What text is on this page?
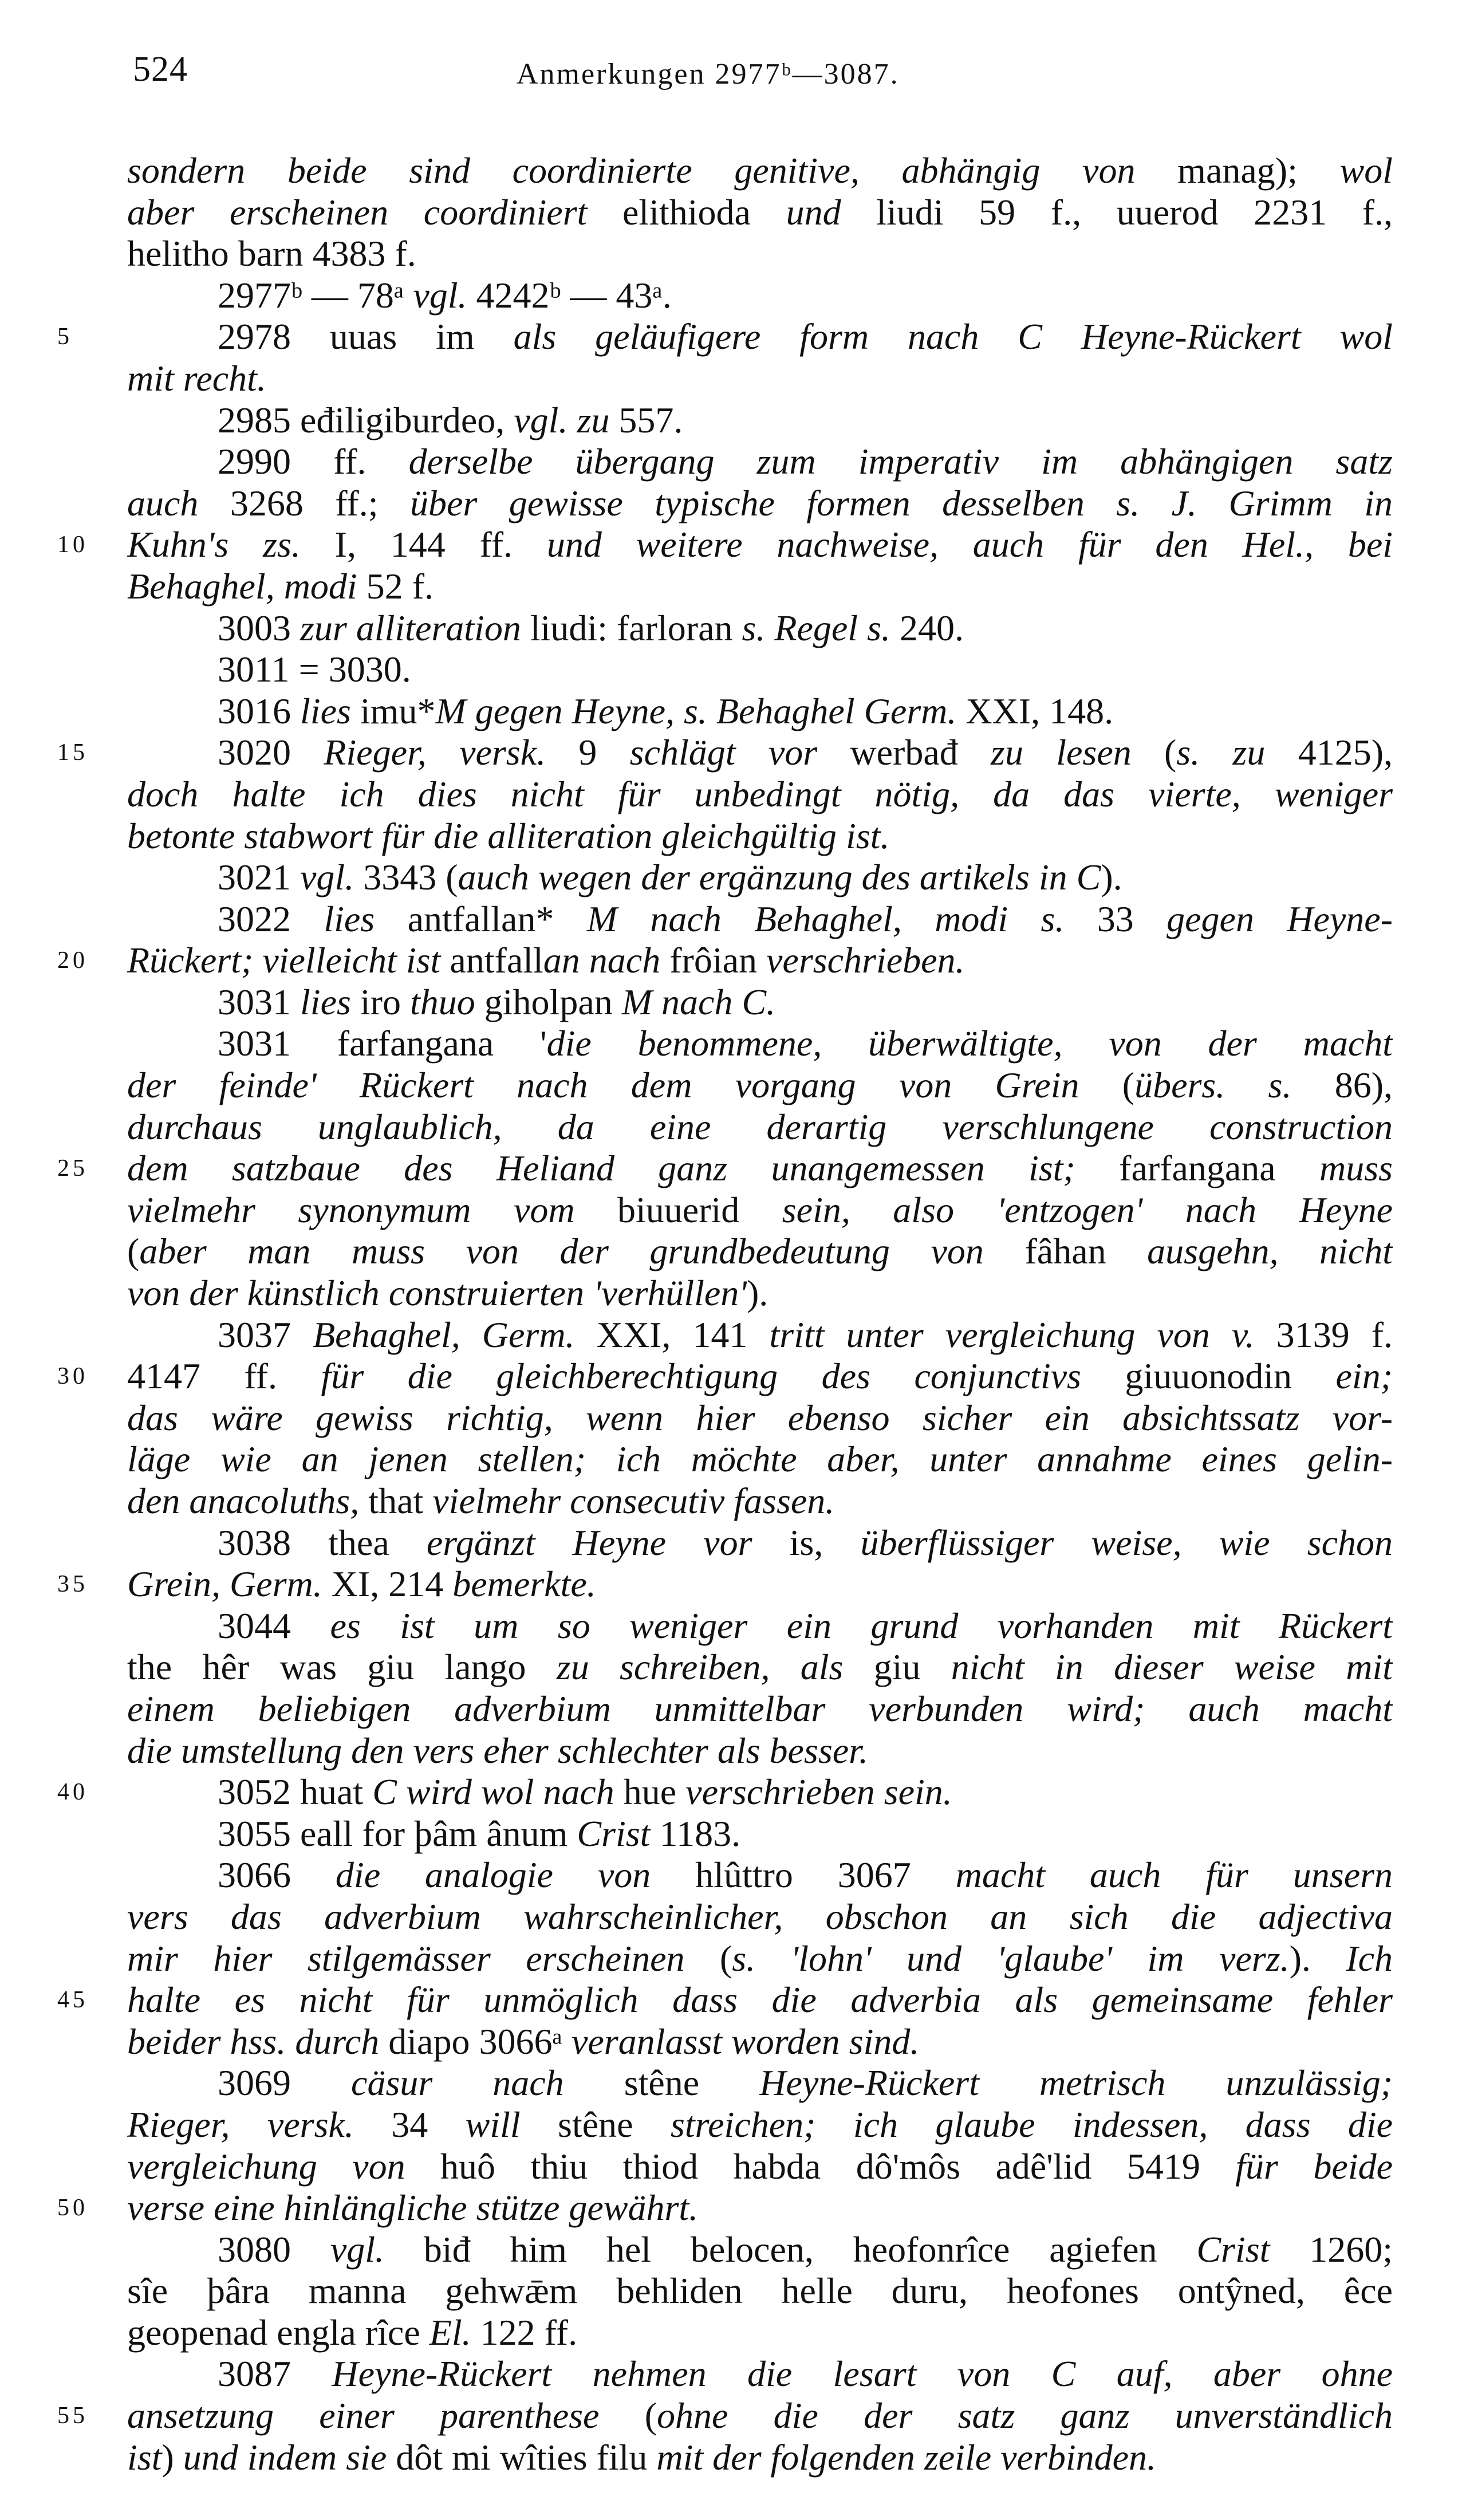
524	Anmerkungen 2977ᵇ—3087.
sondern beide sind coordinierte genitive, abhängig von manag); wol
aber erscheinen coordiniert elithioda und liudi 59 f., uuerod 2231 f.,
helitho barn 4383 f.
2977ᵇ — 78ᵃ vgl. 4242ᵇ — 43ᵃ.
5	2978 uuas im als geläufigere form nach C Heyne-Rückert wol
mit recht.
2985 eđiligiburdeo, vgl. zu 557.
2990 ff. derselbe übergang zum imperativ im abhängigen satz
auch 3268 ff.; über gewisse typische formen desselben s. J. Grimm in
10	Kuhn's zs. I, 144 ff. und weitere nachweise, auch für den Hel., bei
Behaghel, modi 52 f.
3003 zur alliteration liudi: farloran s. Regel s. 240.
3011 = 3030.
3016 lies imu*M gegen Heyne, s. Behaghel Germ. XXI, 148.
15	3020 Rieger, versk. 9 schlägt vor werbađ zu lesen (s. zu 4125),
doch halte ich dies nicht für unbedingt nötig, da das vierte, weniger
betonte stabwort für die alliteration gleichgültig ist.
3021 vgl. 3343 (auch wegen der ergänzung des artikels in C).
3022 lies antfallan* M nach Behaghel, modi s. 33 gegen Heyne-
20	Rückert; vielleicht ist antfallan nach frôian verschrieben.
3031 lies iro thuo giholpan M nach C.
3031 farfangana 'die benommene, überwältigte, von der macht
der feinde' Rückert nach dem vorgang von Grein (übers. s. 86),
durchaus unglaublich, da eine derartig verschlungene construction
25	dem satzbaue des Heliand ganz unangemessen ist; farfangana muss
vielmehr synonymum vom biuuerid sein, also 'entzogen' nach Heyne
(aber man muss von der grundbedeutung von fâhan ausgehn, nicht
von der künstlich construierten 'verhüllen').
3037 Behaghel, Germ. XXI, 141 tritt unter vergleichung von v. 3139 f.
30	4147 ff. für die gleichberechtigung des conjunctivs giuuonodin ein;
das wäre gewiss richtig, wenn hier ebenso sicher ein absichtssatz vor-
läge wie an jenen stellen; ich möchte aber, unter annahme eines gelin-
den anacoluths, that vielmehr consecutiv fassen.
3038 thea ergänzt Heyne vor is, überflüssiger weise, wie schon
35	Grein, Germ. XI, 214 bemerkte.
3044 es ist um so weniger ein grund vorhanden mit Rückert
the hêr was giu lango zu schreiben, als giu nicht in dieser weise mit
einem beliebigen adverbium unmittelbar verbunden wird; auch macht
die umstellung den vers eher schlechter als besser.
40	3052 huat C wird wol nach hue verschrieben sein.
3055 eall for þâm ânum Crist 1183.
3066 die analogie von hlûttro 3067 macht auch für unsern
vers das adverbium wahrscheinlicher, obschon an sich die adjectiva
mir hier stilgemässer erscheinen (s. 'lohn' und 'glaube' im verz.). Ich
45	halte es nicht für unmöglich dass die adverbia als gemeinsame fehler
beider hss. durch diapo 3066ᵃ veranlasst worden sind.
3069 cäsur nach stêne Heyne-Rückert metrisch unzulässig;
Rieger, versk. 34 will stêne streichen; ich glaube indessen, dass die
vergleichung von huô thiu thiod habda dô'môs adê'lid 5419 für beide
50	verse eine hinlängliche stütze gewährt.
3080 vgl. biđ him hel belocen, heofonrîce agiefen Crist 1260;
sîe þâra manna gehwǣm behliden helle duru, heofones ontŷned, êce
geopenad engla rîce El. 122 ff.
3087 Heyne-Rückert nehmen die lesart von C auf, aber ohne
55	ansetzung einer parenthese (ohne die der satz ganz unverständlich
ist) und indem sie dôt mi wîties filu mit der folgenden zeile verbinden.
